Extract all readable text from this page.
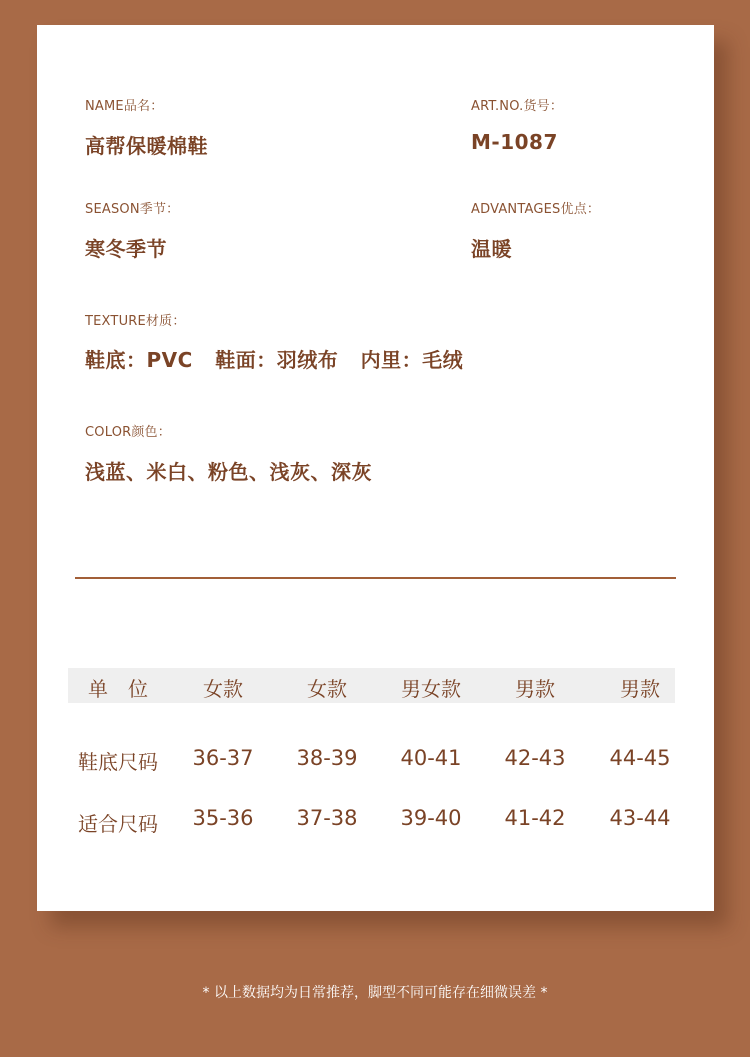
NAME品名：
高帮保暖棉鞋
ART.NO.货号：
M-1087
SEASON季节：
寒冬季节
ADVANTAGES优点：
温暖
TEXTURE材质：
鞋底：PVC   鞋面：羽绒布   内里：毛绒
COLOR颜色：
浅蓝、米白、粉色、浅灰、深灰
单　位	女款	女款	男女款	男款	男款
鞋底尺码	36-37	38-39	40-41	42-43	44-45
适合尺码	35-36	37-38	39-40	41-42	43-44
* 以上数据均为日常推荐，脚型不同可能存在细微误差 *
